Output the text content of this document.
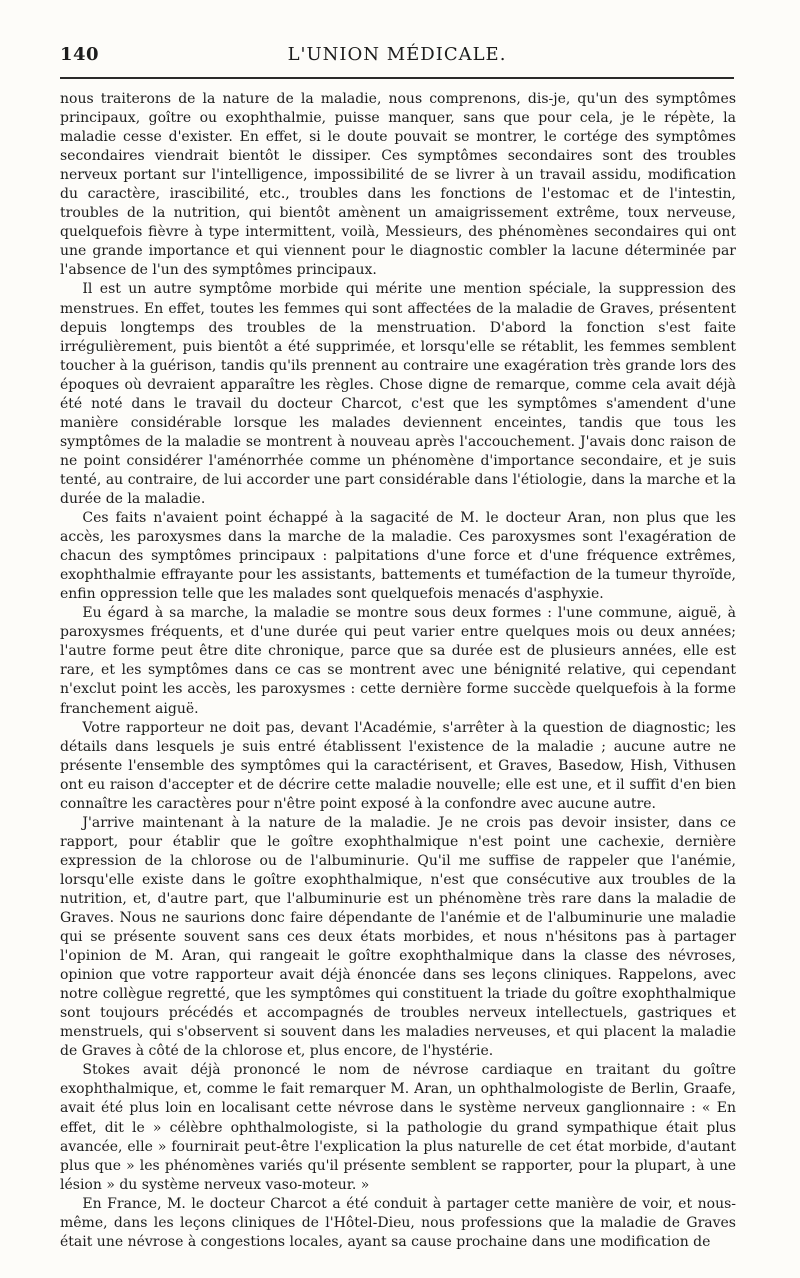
140	L'UNION MÉDICALE.

nous traiterons de la nature de la maladie, nous comprenons, dis-je, qu'un des symptômes principaux, goître ou exophthalmie, puisse manquer, sans que pour cela, je le répète, la maladie cesse d'exister. En effet, si le doute pouvait se montrer, le cortége des symptômes secondaires viendrait bientôt le dissiper. Ces symptômes secondaires sont des troubles nerveux portant sur l'intelligence, impossibilité de se livrer à un travail assidu, modification du caractère, irascibilité, etc., troubles dans les fonctions de l'estomac et de l'intestin, troubles de la nutrition, qui bientôt amènent un amaigrissement extrême, toux nerveuse, quelquefois fièvre à type intermittent, voilà, Messieurs, des phénomènes secondaires qui ont une grande importance et qui viennent pour le diagnostic combler la lacune déterminée par l'absence de l'un des symptômes principaux.

Il est un autre symptôme morbide qui mérite une mention spéciale, la suppression des menstrues. En effet, toutes les femmes qui sont affectées de la maladie de Graves, présentent depuis longtemps des troubles de la menstruation. D'abord la fonction s'est faite irrégulièrement, puis bientôt a été supprimée, et lorsqu'elle se rétablit, les femmes semblent toucher à la guérison, tandis qu'ils prennent au contraire une exagération très grande lors des époques où devraient apparaître les règles. Chose digne de remarque, comme cela avait déjà été noté dans le travail du docteur Charcot, c'est que les symptômes s'amendent d'une manière considérable lorsque les malades deviennent enceintes, tandis que tous les symptômes de la maladie se montrent à nouveau après l'accouchement. J'avais donc raison de ne point considérer l'aménorrhée comme un phénomène d'importance secondaire, et je suis tenté, au contraire, de lui accorder une part considérable dans l'étiologie, dans la marche et la durée de la maladie.

Ces faits n'avaient point échappé à la sagacité de M. le docteur Aran, non plus que les accès, les paroxysmes dans la marche de la maladie. Ces paroxysmes sont l'exagération de chacun des symptômes principaux : palpitations d'une force et d'une fréquence extrêmes, exophthalmie effrayante pour les assistants, battements et tuméfaction de la tumeur thyroïde, enfin oppression telle que les malades sont quelquefois menacés d'asphyxie.

Eu égard à sa marche, la maladie se montre sous deux formes : l'une commune, aiguë, à paroxysmes fréquents, et d'une durée qui peut varier entre quelques mois ou deux années; l'autre forme peut être dite chronique, parce que sa durée est de plusieurs années, elle est rare, et les symptômes dans ce cas se montrent avec une bénignité relative, qui cependant n'exclut point les accès, les paroxysmes : cette dernière forme succède quelquefois à la forme franchement aiguë.

Votre rapporteur ne doit pas, devant l'Académie, s'arrêter à la question de diagnostic; les détails dans lesquels je suis entré établissent l'existence de la maladie ; aucune autre ne présente l'ensemble des symptômes qui la caractérisent, et Graves, Basedow, Hish, Vithusen ont eu raison d'accepter et de décrire cette maladie nouvelle; elle est une, et il suffit d'en bien connaître les caractères pour n'être point exposé à la confondre avec aucune autre.

J'arrive maintenant à la nature de la maladie. Je ne crois pas devoir insister, dans ce rapport, pour établir que le goître exophthalmique n'est point une cachexie, dernière expression de la chlorose ou de l'albuminurie. Qu'il me suffise de rappeler que l'anémie, lorsqu'elle existe dans le goître exophthalmique, n'est que consécutive aux troubles de la nutrition, et, d'autre part, que l'albuminurie est un phénomène très rare dans la maladie de Graves. Nous ne saurions donc faire dépendante de l'anémie et de l'albuminurie une maladie qui se présente souvent sans ces deux états morbides, et nous n'hésitons pas à partager l'opinion de M. Aran, qui rangeait le goître exophthalmique dans la classe des névroses, opinion que votre rapporteur avait déjà énoncée dans ses leçons cliniques. Rappelons, avec notre collègue regretté, que les symptômes qui constituent la triade du goître exophthalmique sont toujours précédés et accompagnés de troubles nerveux intellectuels, gastriques et menstruels, qui s'observent si souvent dans les maladies nerveuses, et qui placent la maladie de Graves à côté de la chlorose et, plus encore, de l'hystérie.

Stokes avait déjà prononcé le nom de névrose cardiaque en traitant du goître exophthalmique, et, comme le fait remarquer M. Aran, un ophthalmologiste de Berlin, Graafe, avait été plus loin en localisant cette névrose dans le système nerveux ganglionnaire : « En effet, dit le » célèbre ophthalmologiste, si la pathologie du grand sympathique était plus avancée, elle » fournirait peut-être l'explication la plus naturelle de cet état morbide, d'autant plus que » les phénomènes variés qu'il présente semblent se rapporter, pour la plupart, à une lésion » du système nerveux vaso-moteur. »

En France, M. le docteur Charcot a été conduit à partager cette manière de voir, et nous-même, dans les leçons cliniques de l'Hôtel-Dieu, nous professions que la maladie de Graves était une névrose à congestions locales, ayant sa cause prochaine dans une modification de
